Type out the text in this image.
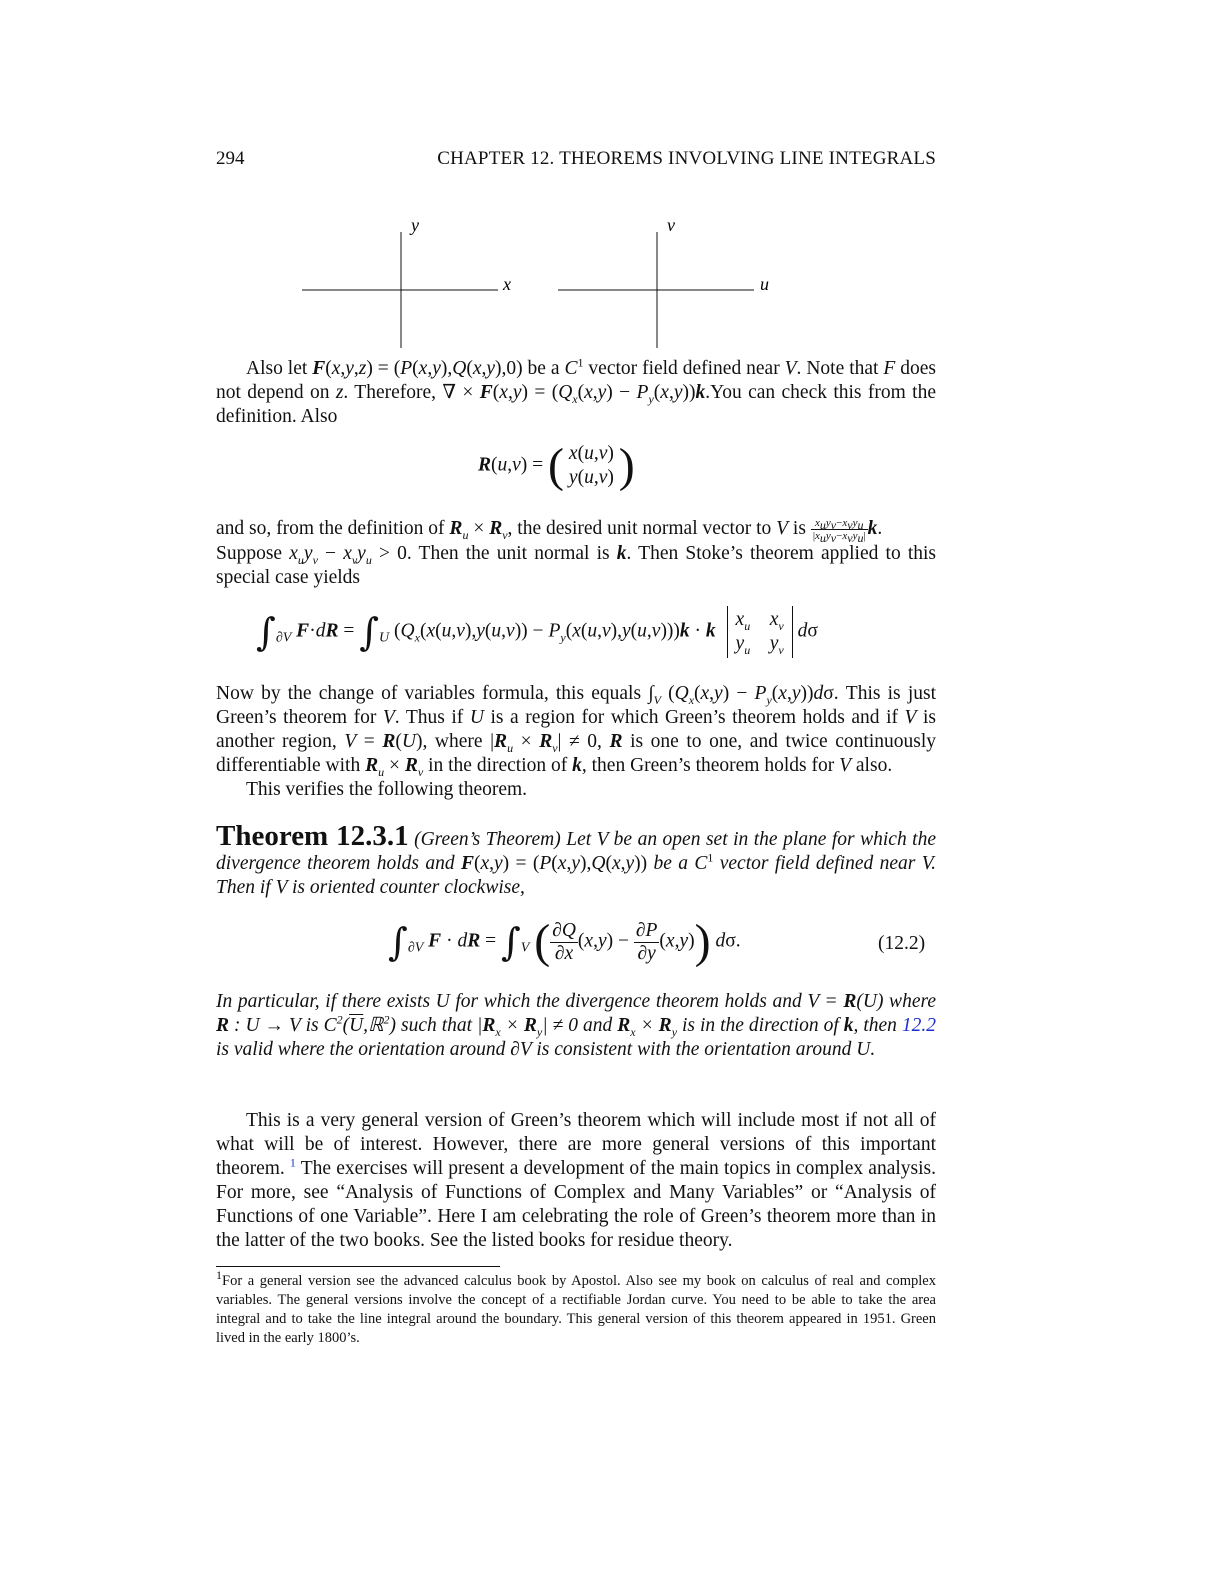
294	CHAPTER 12. THEOREMS INVOLVING LINE INTEGRALS
x
y
u
v

Also let F(x,y,z) = (P(x,y),Q(x,y),0) be a $C^1$ vector field defined near V. Note that F does not depend on z. Therefore, ∇ × $F(x,y) = (Q_x(x,y) - P_y(x,y))k.You$ can check this from the definition. Also

R(u,v) = ( x(u,v)
y(u,v) )

and so, from the definition of $R_u \times R_v$, the desired unit normal vector to V is $\frac{x_uy_v-x_vy_u}{|x_uy_v-x_vy_u|} k$.
Suppose $x_uy_v - x_vy_u > 0$. Then the unit normal is k. Then Stoke’s theorem applied to this special case yields

$\int_{\partial V}$ $F\cdot dR = \int_U$ $(Q_x(x(u,v),y(u,v)) - P_y(x(u,v),y(u,v)))k \cdot k$ $x_u$ $x_v$
$y_u$ $y_v$ dσ

Now by the change of variables formula, this equals $\int_V$ $(Q_x(x,y) - P_y(x,y))d\sigma$. This is just Green’s theorem for V. Thus if U is a region for which Green’s theorem holds and if V is another region, V = R(U), where $|R_u \times R_v| \ne 0$, R is one to one, and twice continuously differentiable with $R_u \times R_v$ in the direction of k, then Green’s theorem holds for V also.

This verifies the following theorem.

Theorem 12.3.1 (Green’s Theorem) Let V be an open set in the plane for which the divergence theorem holds and F(x,y) = (P(x,y),Q(x,y)) be a $C^1$ vector field defined near V. Then if V is oriented counter clockwise,

$\int_{\partial V}$ F · dR = $\int_V$ ( $\frac{\partial Q}{\partial x} (x,y) - \frac{\partial P}{\partial y} (x,y)$) dσ.	(12.2)

In particular, if there exists U for which the divergence theorem holds and V = R(U) where R : U → V is $C^2(\overline{U},ℝ^2)$ such that $|R_x \times R_y| \ne 0$ and $R_x \times R_y$ is in the direction of k, then 12.2 is valid where the orientation around ∂V is consistent with the orientation around U.

This is a very general version of Green’s theorem which will include most if not all of what will be of interest. However, there are more general versions of this important theorem. $^1$ The exercises will present a development of the main topics in complex analysis. For more, see “Analysis of Functions of Complex and Many Variables” or “Analysis of Functions of one Variable”. Here I am celebrating the role of Green’s theorem more than in the latter of the two books. See the listed books for residue theory.

$^1$For a general version see the advanced calculus book by Apostol. Also see my book on calculus of real and complex variables. The general versions involve the concept of a rectifiable Jordan curve. You need to be able to take the area integral and to take the line integral around the boundary. This general version of this theorem appeared in 1951. Green lived in the early 1800’s.
